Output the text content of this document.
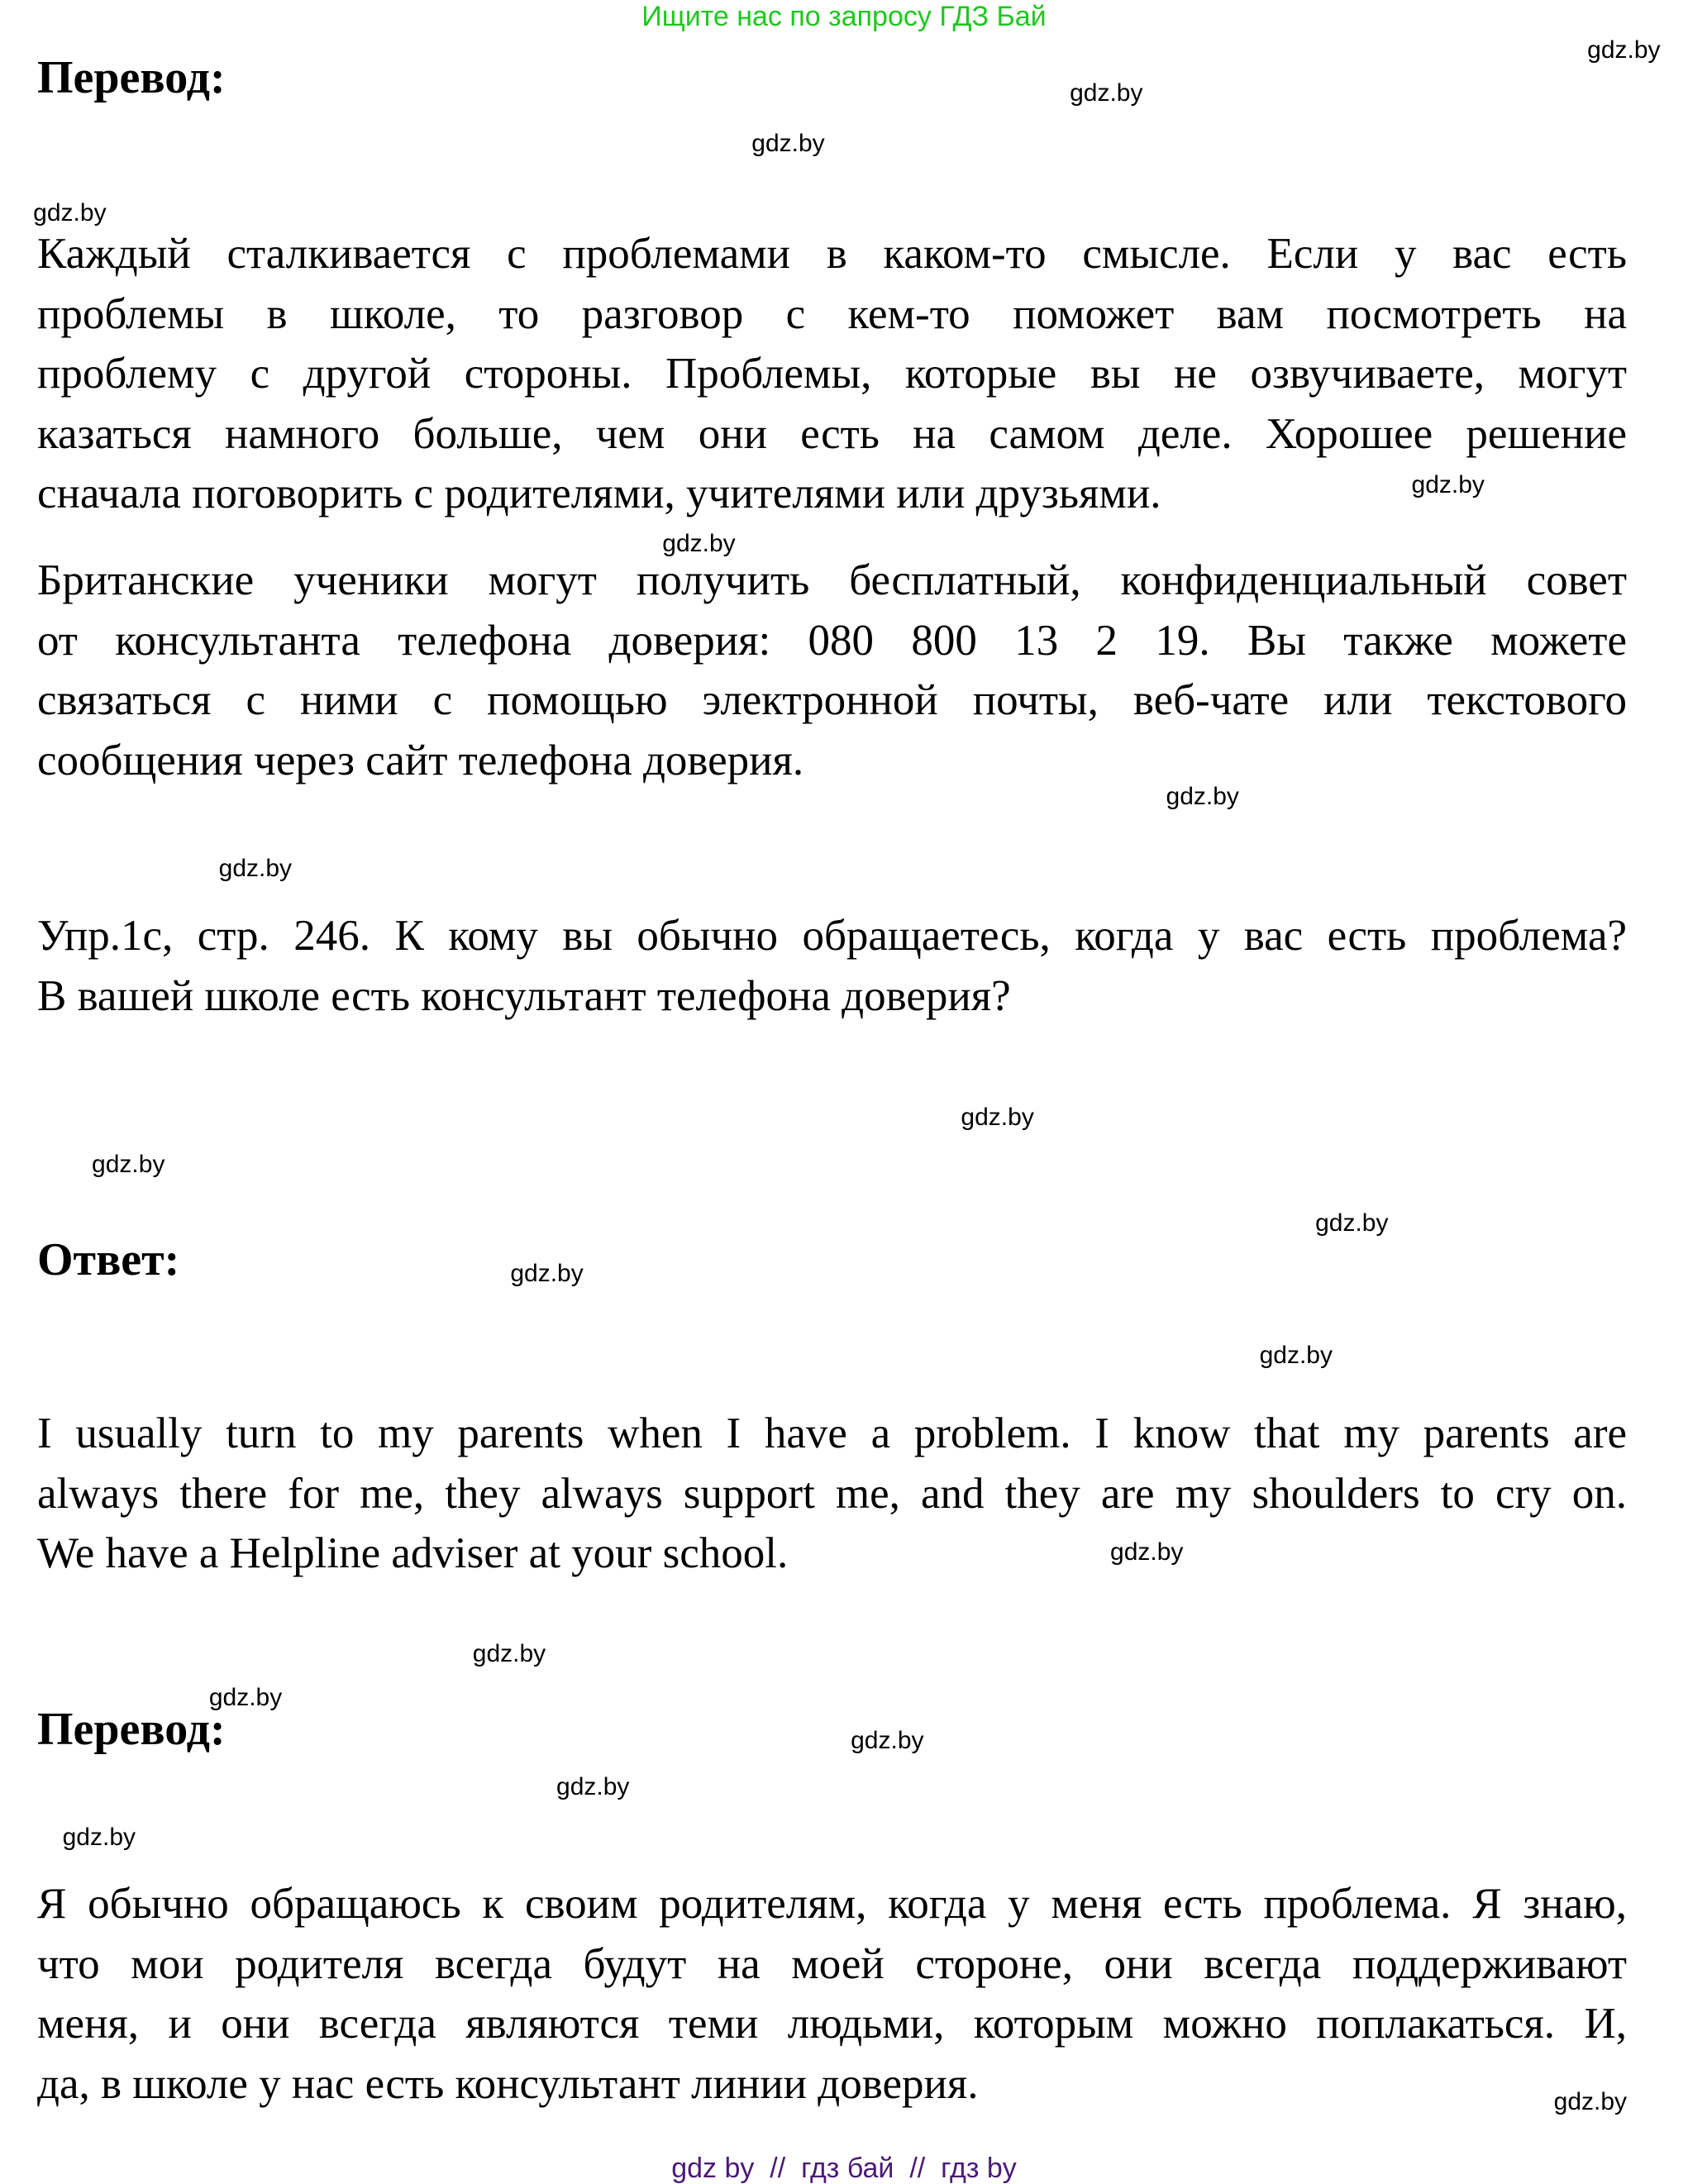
Ищите нас по запросу ГДЗ Бай
Перевод:
Каждый сталкивается с проблемами в каком-то смысле. Если у вас есть
проблемы в школе, то разговор с кем-то поможет вам посмотреть на
проблему с другой стороны. Проблемы, которые вы не озвучиваете, могут
казаться намного больше, чем они есть на самом деле. Хорошее решение
сначала поговорить с родителями, учителями или друзьями.
Британские ученики могут получить бесплатный, конфиденциальный совет
от консультанта телефона доверия: 080 800 13 2 19. Вы также можете
связаться с ними с помощью электронной почты, веб-чате или текстового
сообщения через сайт телефона доверия.
Упр.1с, стр. 246. К кому вы обычно обращаетесь, когда у вас есть проблема?
В вашей школе есть консультант телефона доверия?
Ответ:
I usually turn to my parents when I have a problem. I know that my parents are
always there for me, they always support me, and they are my shoulders to cry on.
We have a Helpline adviser at your school.
Перевод:
Я обычно обращаюсь к своим родителям, когда у меня есть проблема. Я знаю,
что мои родителя всегда будут на моей стороне, они всегда поддерживают
меня, и они всегда являются теми людьми, которым можно поплакаться. И,
да, в школе у нас есть консультант линии доверия.
gdz.by
gdz.by
gdz.by
gdz.by
gdz.by
gdz.by
gdz.by
gdz.by
gdz.by
gdz.by
gdz.by
gdz.by
gdz.by
gdz.by
gdz.by
gdz.by
gdz.by
gdz.by
gdz.by
gdz.by
gdz by  //  гдз бай  //  гдз by
